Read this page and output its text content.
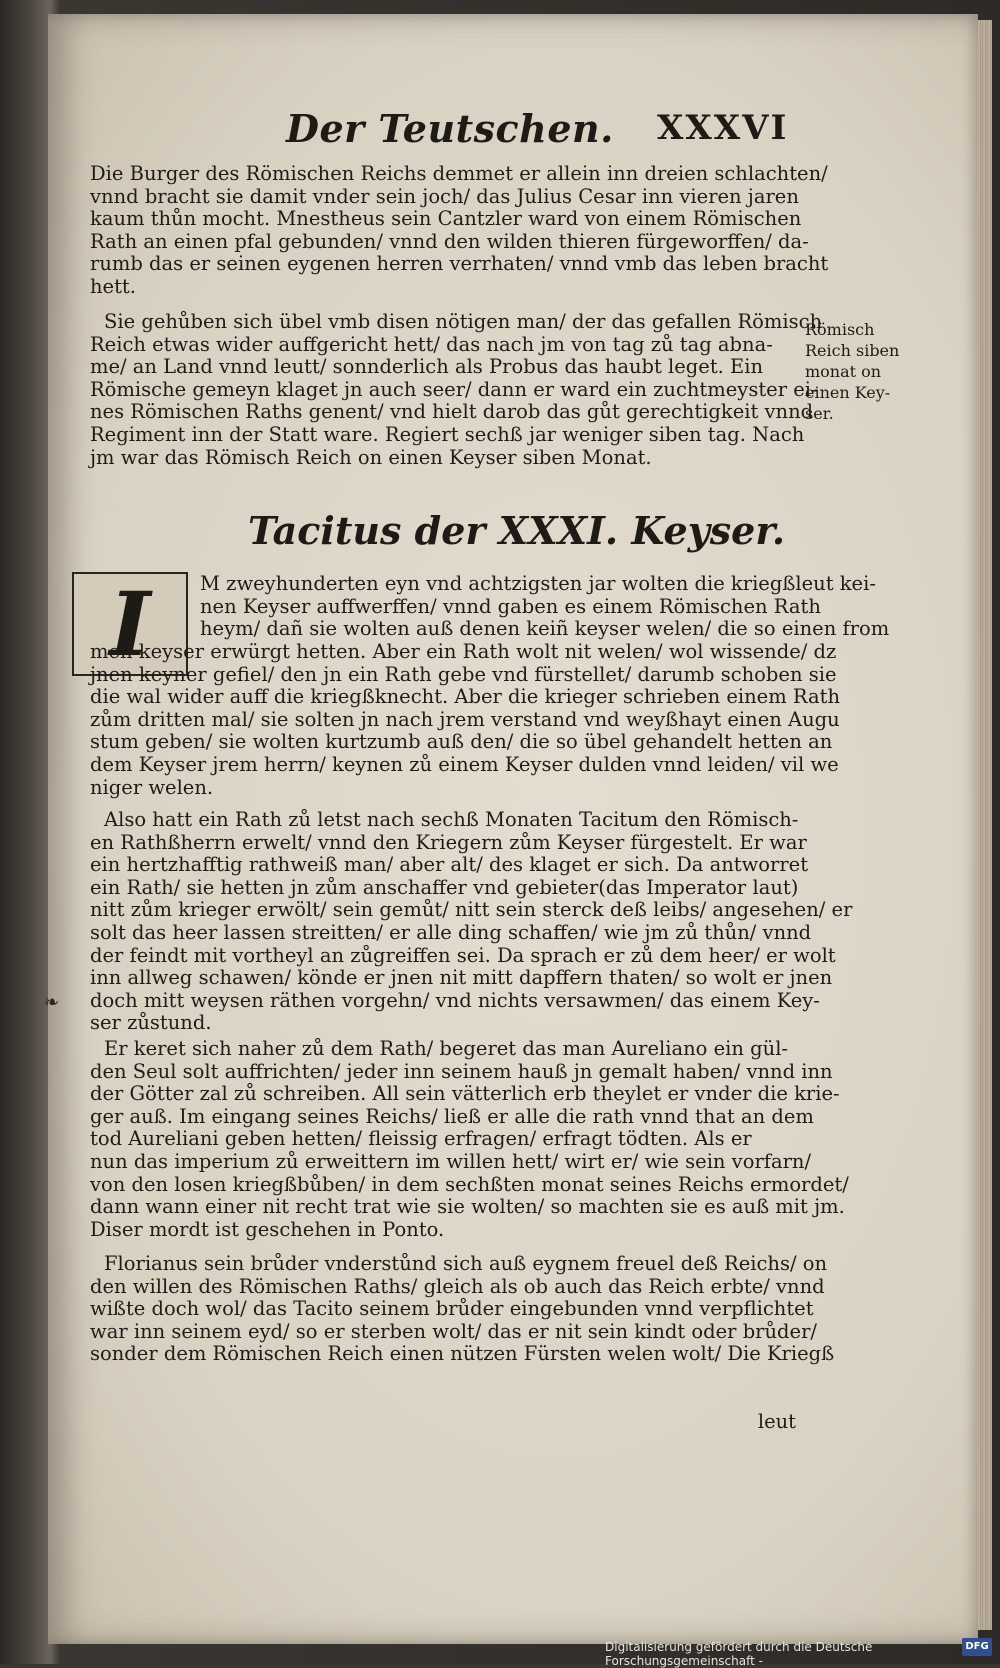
Der Teutschen. XXXVI
Die Burger des Römischen Reichs demmet er allein inn dreien schlachten/
vnnd bracht sie damit vnder sein joch/ das Julius Cesar inn vieren jaren
kaum thůn mocht. Mnestheus sein Cantzler ward von einem Römischen
Rath an einen pfal gebunden/ vnnd den wilden thieren fürgeworffen/ da-
rumb das er seinen eygenen herren verrhaten/ vnnd vmb das leben bracht
hett.
Sie gehůben sich übel vmb disen nötigen man/ der das gefallen Römisch
Reich etwas wider auffgericht hett/ das nach jm von tag zů tag abna-
me/ an Land vnnd leutt/ sonnderlich als Probus das haubt leget. Ein
Römische gemeyn klaget jn auch seer/ dann er ward ein zuchtmeyster ei-
nes Römischen Raths genent/ vnd hielt darob das gůt gerechtigkeit vnnd
Regiment inn der Statt ware. Regiert sechß jar weniger siben tag. Nach
jm war das Römisch Reich on einen Keyser siben Monat.
Römisch
Reich siben
monat on
einen Key-
ser.
Tacitus der XXXI. Keyser.
I	M zweyhunderten eyn vnd achtzigsten jar wolten die kriegßleut kei-
nen Keyser auffwerffen/ vnnd gaben es einem Römischen Rath
heym/ dañ sie wolten auß denen keiñ keyser welen/ die so einen from
men keyser erwürgt hetten. Aber ein Rath wolt nit welen/ wol wissende/ dz
jnen keyner gefiel/ den jn ein Rath gebe vnd fürstellet/ darumb schoben sie
die wal wider auff die kriegßknecht. Aber die krieger schrieben einem Rath
zům dritten mal/ sie solten jn nach jrem verstand vnd weyßhayt einen Augu
stum geben/ sie wolten kurtzumb auß den/ die so übel gehandelt hetten an
dem Keyser jrem herrn/ keynen zů einem Keyser dulden vnnd leiden/ vil we
niger welen.
Also hatt ein Rath zů letst nach sechß Monaten Tacitum den Römisch-
en Rathßherrn erwelt/ vnnd den Kriegern zům Keyser fürgestelt. Er war
ein hertzhafftig rathweiß man/ aber alt/ des klaget er sich. Da antworret
ein Rath/ sie hetten jn zům anschaffer vnd gebieter(das Imperator laut)
nitt zům krieger erwölt/ sein gemůt/ nitt sein sterck deß leibs/ angesehen/ er
solt das heer lassen streitten/ er alle ding schaffen/ wie jm zů thůn/ vnnd
der feindt mit vortheyl an zůgreiffen sei. Da sprach er zů dem heer/ er wolt
inn allweg schawen/ könde er jnen nit mitt dapffern thaten/ so wolt er jnen
doch mitt weysen räthen vorgehn/ vnd nichts versawmen/ das einem Key-
ser zůstund.
❧
Er keret sich naher zů dem Rath/ begeret das man Aureliano ein gül-
den Seul solt auffrichten/ jeder inn seinem hauß jn gemalt haben/ vnnd inn
der Götter zal zů schreiben. All sein vätterlich erb theylet er vnder die krie-
ger auß. Im eingang seines Reichs/ ließ er alle die rath vnnd that an dem
tod Aureliani geben hetten/ fleissig erfragen/ erfragt tödten. Als er
nun das imperium zů erweittern im willen hett/ wirt er/ wie sein vorfarn/
von den losen kriegßbůben/ in dem sechßten monat seines Reichs ermordet/
dann wann einer nit recht trat wie sie wolten/ so machten sie es auß mit jm.
Diser mordt ist geschehen in Ponto.
Florianus sein brůder vnderstůnd sich auß eygnem freuel deß Reichs/ on
den willen des Römischen Raths/ gleich als ob auch das Reich erbte/ vnnd
wißte doch wol/ das Tacito seinem brůder eingebunden vnnd verpflichtet
war inn seinem eyd/ so er sterben wolt/ das er nit sein kindt oder brůder/
sonder dem Römischen Reich einen nützen Fürsten welen wolt/ Die Kriegß
leut
Digitalisierung gefördert durch die Deutsche Forschungsgemeinschaft -
DFG
